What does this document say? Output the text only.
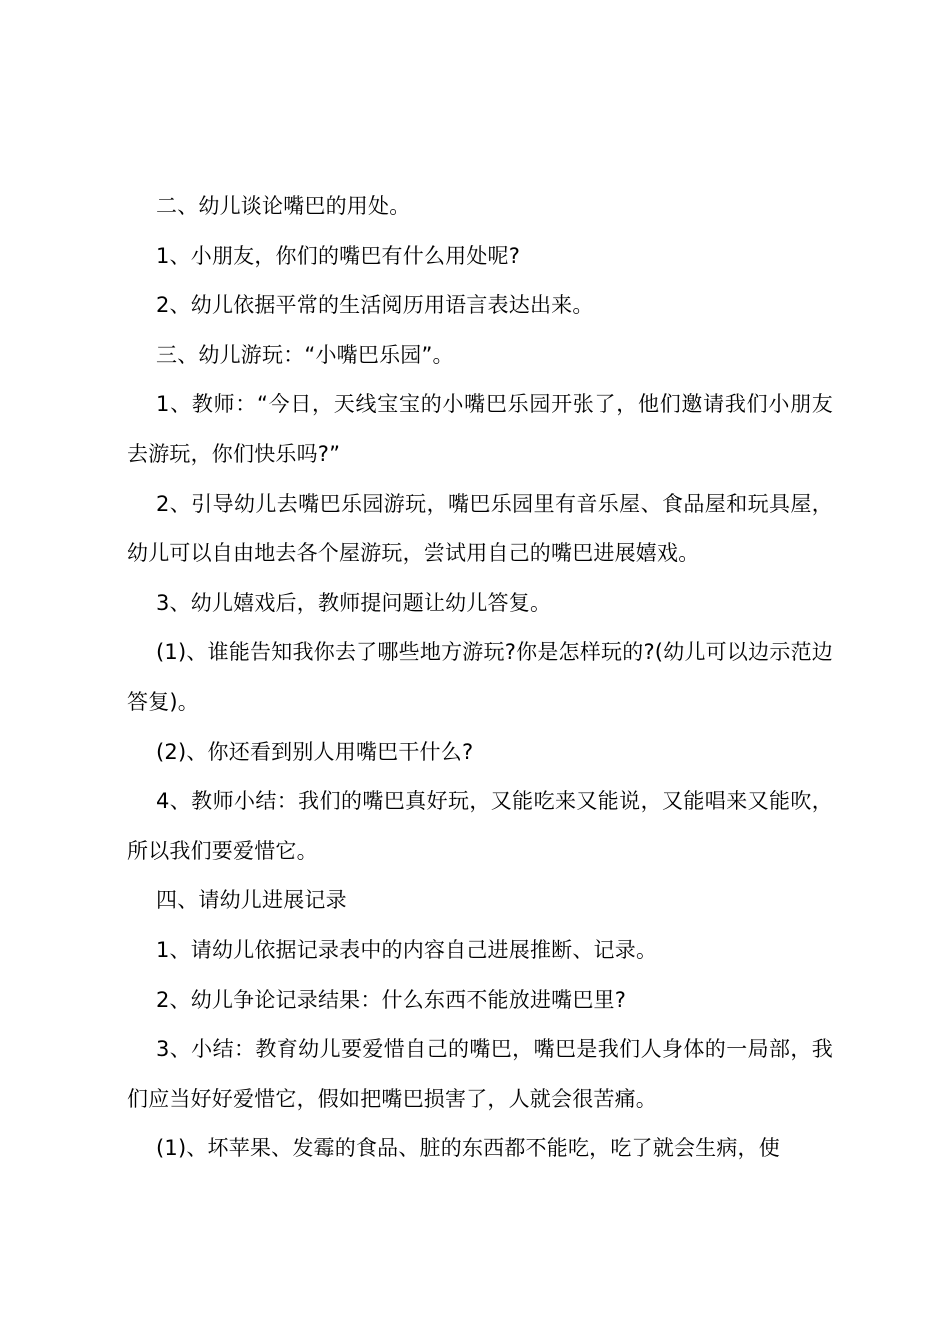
二、幼儿谈论嘴巴的用处。

1、小朋友，你们的嘴巴有什么用处呢?

2、幼儿依据平常的生活阅历用语言表达出来。

三、幼儿游玩：“小嘴巴乐园”。

1、教师：“今日，天线宝宝的小嘴巴乐园开张了，他们邀请我们小朋友去游玩，你们快乐吗?”

2、引导幼儿去嘴巴乐园游玩，嘴巴乐园里有音乐屋、食品屋和玩具屋，幼儿可以自由地去各个屋游玩，尝试用自己的嘴巴进展嬉戏。

3、幼儿嬉戏后，教师提问题让幼儿答复。

(1)、谁能告知我你去了哪些地方游玩?你是怎样玩的?(幼儿可以边示范边答复)。

(2)、你还看到别人用嘴巴干什么?

4、教师小结：我们的嘴巴真好玩，又能吃来又能说，又能唱来又能吹，所以我们要爱惜它。

四、请幼儿进展记录

1、请幼儿依据记录表中的内容自己进展推断、记录。

2、幼儿争论记录结果：什么东西不能放进嘴巴里?

3、小结：教育幼儿要爱惜自己的嘴巴，嘴巴是我们人身体的一局部，我们应当好好爱惜它，假如把嘴巴损害了，人就会很苦痛。

(1)、坏苹果、发霉的食品、脏的东西都不能吃，吃了就会生病，使
